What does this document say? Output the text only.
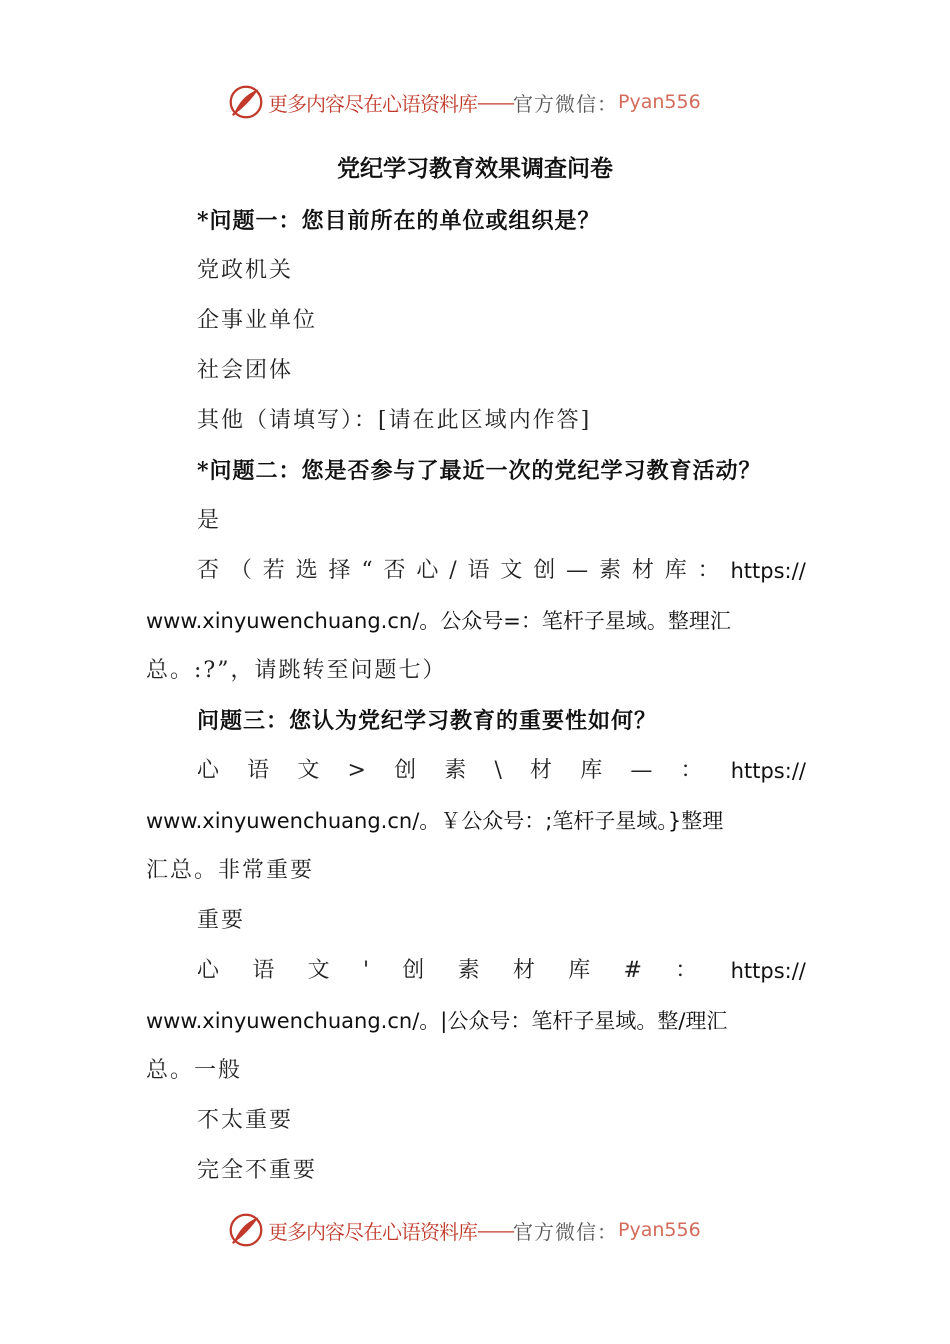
更多内容尽在心语资料库 —— 官方微信： Pyan556
党纪学习教育效果调查问卷
*问题一：您目前所在的单位或组织是？
党政机关
企事业单位
社会团体
其他（请填写）：[请在此区域内作答]
*问题二：您是否参与了最近一次的党纪学习教育活动？
是
否 （ 若 选 择 “ 否 心 / 语 文 创 — 素 材 库 ： https://
www.xinyuwenchuang.cn/。公众号=：笔杆子星域。整理汇
总。:?”，请跳转至问题七）
问题三：您认为党纪学习教育的重要性如何？
心 语 文 > 创 素 \ 材 库 — ： https://
www.xinyuwenchuang.cn/。￥公众号：;笔杆子星域。}整理
汇总。非常重要
重要
心 语 文 ' 创 素 材 库 # ： https://
www.xinyuwenchuang.cn/。|公众号：笔杆子星域。整/理汇
总。一般
不太重要
完全不重要
更多内容尽在心语资料库 —— 官方微信： Pyan556
